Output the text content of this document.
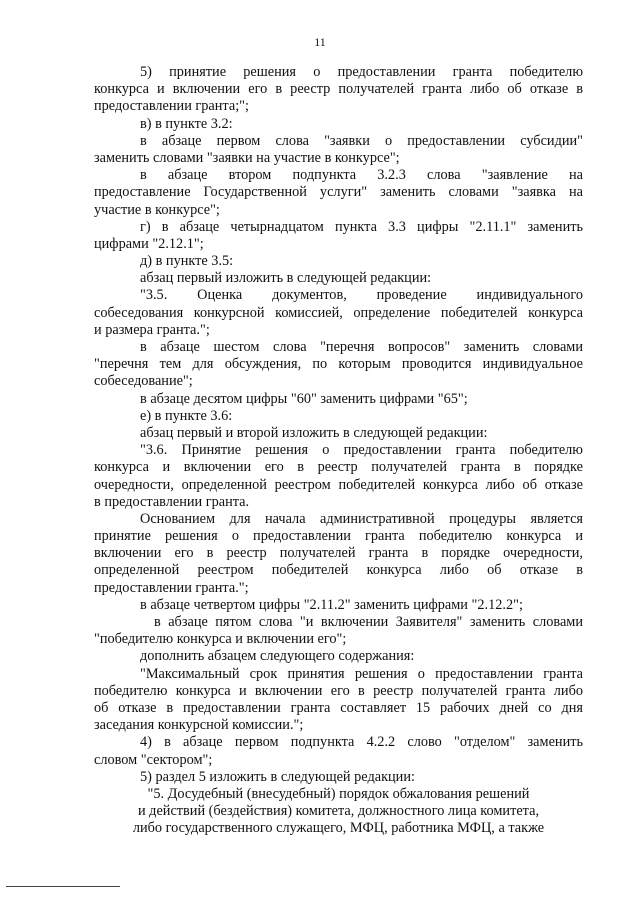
11
5) принятие решения о предоставлении гранта победителю
конкурса и включении его в реестр получателей гранта либо об отказе в
предоставлении гранта;";
в) в пункте 3.2:
в абзаце первом слова "заявки о предоставлении субсидии"
заменить словами "заявки на участие в конкурсе";
в абзаце втором подпункта 3.2.3 слова "заявление на
предоставление Государственной услуги" заменить словами "заявка на
участие в конкурсе";
г) в абзаце четырнадцатом пункта 3.3 цифры "2.11.1" заменить
цифрами "2.12.1";
д) в пункте 3.5:
абзац первый изложить в следующей редакции:
"3.5. Оценка документов, проведение индивидуального
собеседования конкурсной комиссией, определение победителей конкурса
и размера гранта.";
в абзаце шестом слова "перечня вопросов" заменить словами
"перечня тем для обсуждения, по которым проводится индивидуальное
собеседование";
в абзаце десятом цифры "60" заменить цифрами "65";
е) в пункте 3.6:
абзац первый и второй изложить в следующей редакции:
"3.6. Принятие решения о предоставлении гранта победителю
конкурса и включении его в реестр получателей гранта в порядке
очередности, определенной реестром победителей конкурса либо об отказе
в предоставлении гранта.
Основанием для начала административной процедуры является
принятие решения о предоставлении гранта победителю конкурса и
включении его в реестр получателей гранта в порядке очередности,
определенной реестром победителей конкурса либо об отказе в
предоставлении гранта.";
в абзаце четвертом цифры "2.11.2" заменить цифрами "2.12.2";
в абзаце пятом слова "и включении Заявителя" заменить словами
"победителю конкурса и включении его";
дополнить абзацем следующего содержания:
"Максимальный срок принятия решения о предоставлении гранта
победителю конкурса и включении его в реестр получателей гранта либо
об отказе в предоставлении гранта составляет 15 рабочих дней со дня
заседания конкурсной комиссии.";
4) в абзаце первом подпункта 4.2.2 слово "отделом" заменить
словом "сектором";
5) раздел 5 изложить в следующей редакции:
"5. Досудебный (внесудебный) порядок обжалования решений
и действий (бездействия) комитета, должностного лица комитета,
либо государственного служащего, МФЦ, работника МФЦ, а также
